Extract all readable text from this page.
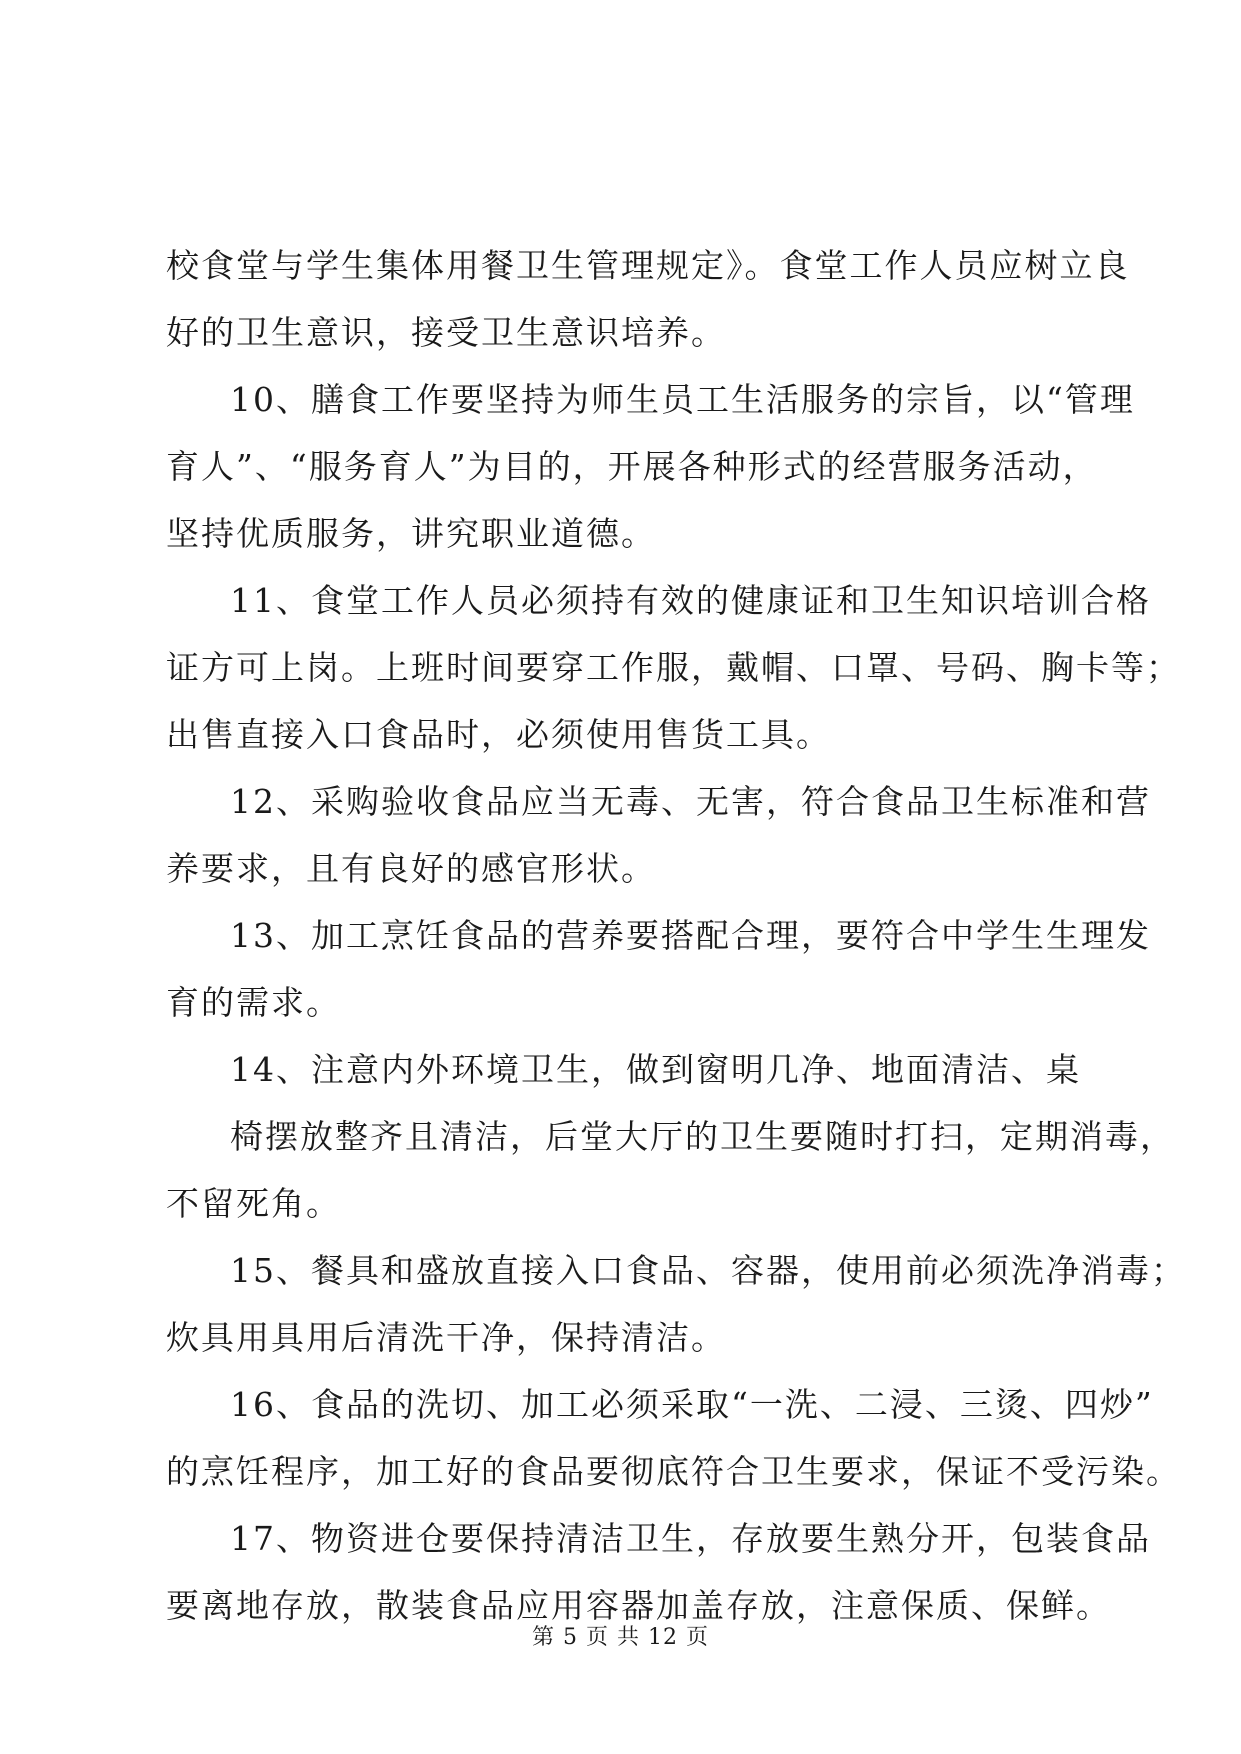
校食堂与学生集体用餐卫生管理规定》。食堂工作人员应树立良
好的卫生意识，接受卫生意识培养。
10、膳食工作要坚持为师生员工生活服务的宗旨，以“管理
育人”、“服务育人”为目的，开展各种形式的经营服务活动，
坚持优质服务，讲究职业道德。
11、食堂工作人员必须持有效的健康证和卫生知识培训合格
证方可上岗。上班时间要穿工作服，戴帽、口罩、号码、胸卡等；
出售直接入口食品时，必须使用售货工具。
12、采购验收食品应当无毒、无害，符合食品卫生标准和营
养要求，且有良好的感官形状。
13、加工烹饪食品的营养要搭配合理，要符合中学生生理发
育的需求。
14、注意内外环境卫生，做到窗明几净、地面清洁、桌
椅摆放整齐且清洁，后堂大厅的卫生要随时打扫，定期消毒，
不留死角。
15、餐具和盛放直接入口食品、容器，使用前必须洗净消毒；
炊具用具用后清洗干净，保持清洁。
16、食品的洗切、加工必须采取“一洗、二浸、三烫、四炒”
的烹饪程序，加工好的食品要彻底符合卫生要求，保证不受污染。
17、物资进仓要保持清洁卫生，存放要生熟分开，包装食品
要离地存放，散装食品应用容器加盖存放，注意保质、保鲜。
第 5 页 共 12 页
